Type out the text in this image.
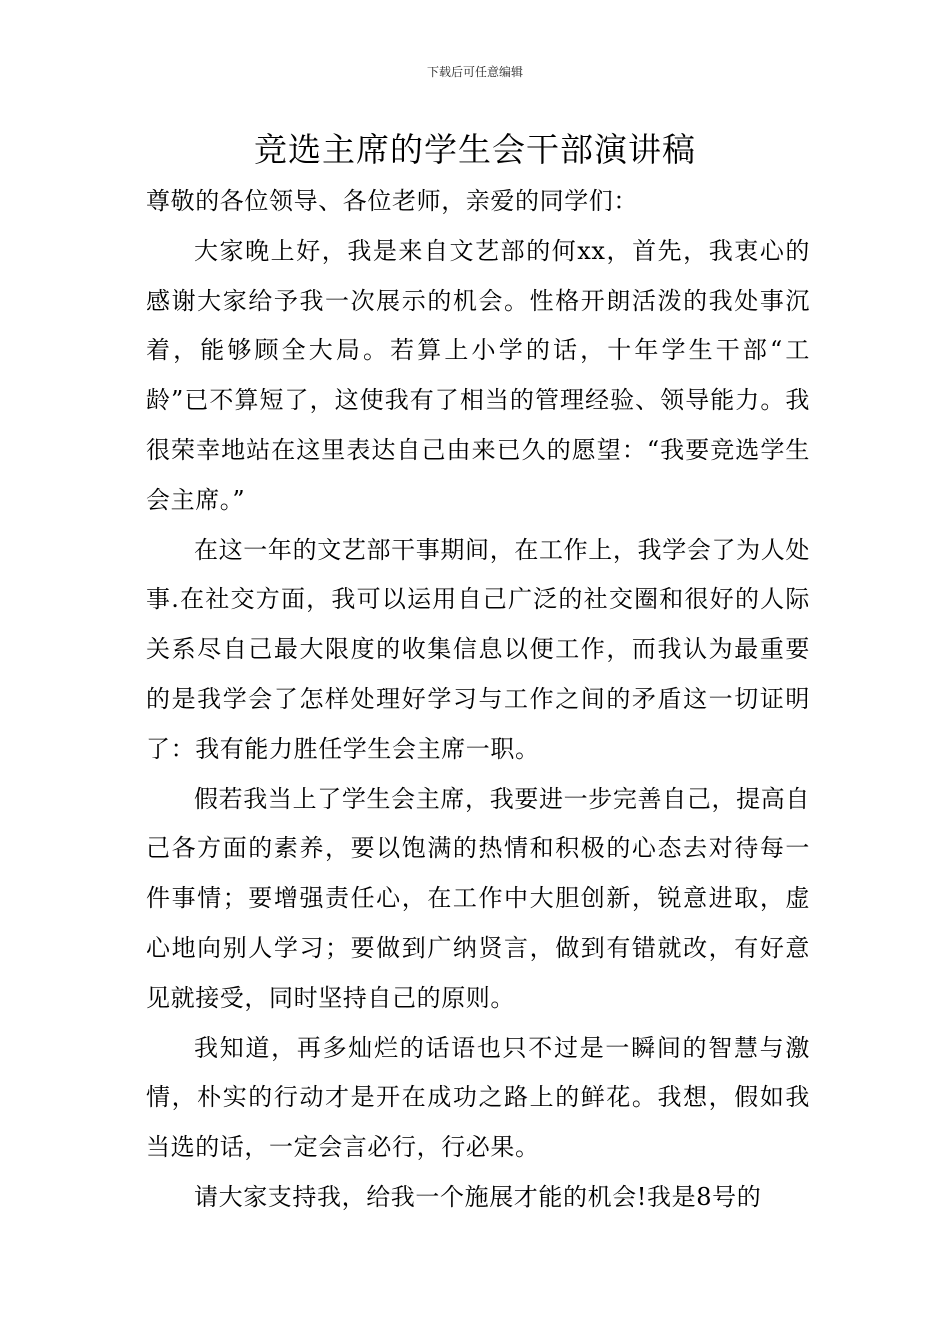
下载后可任意编辑
竞选主席的学生会干部演讲稿

尊敬的各位领导、各位老师，亲爱的同学们：

大家晚上好，我是来自文艺部的何xx，首先，我衷心的感谢大家给予我一次展示的机会。性格开朗活泼的我处事沉着，能够顾全大局。若算上小学的话，十年学生干部“工龄”已不算短了，这使我有了相当的管理经验、领导能力。我很荣幸地站在这里表达自己由来已久的愿望：“我要竞选学生会主席。”

在这一年的文艺部干事期间，在工作上，我学会了为人处事.在社交方面，我可以运用自己广泛的社交圈和很好的人际关系尽自己最大限度的收集信息以便工作，而我认为最重要的是我学会了怎样处理好学习与工作之间的矛盾这一切证明了：我有能力胜任学生会主席一职。

假若我当上了学生会主席，我要进一步完善自己，提高自己各方面的素养，要以饱满的热情和积极的心态去对待每一件事情；要增强责任心，在工作中大胆创新，锐意进取，虚心地向别人学习；要做到广纳贤言，做到有错就改，有好意见就接受，同时坚持自己的原则。

我知道，再多灿烂的话语也只不过是一瞬间的智慧与激情，朴实的行动才是开在成功之路上的鲜花。我想，假如我当选的话，一定会言必行，行必果。

请大家支持我，给我一个施展才能的机会!我是8号的
